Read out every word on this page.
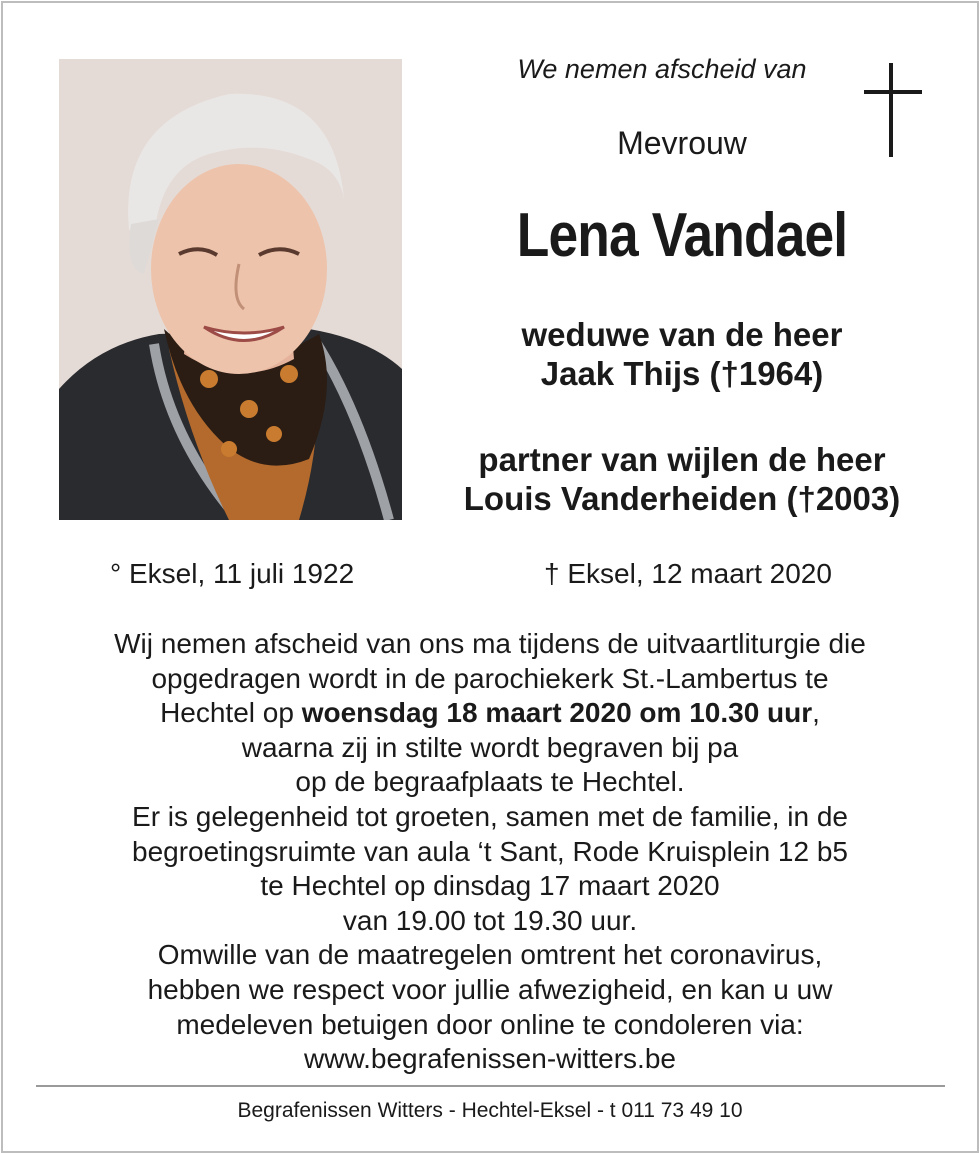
We nemen afscheid van
Mevrouw
Lena Vandael
weduwe van de heer
Jaak Thijs (†1964)
partner van wijlen de heer
Louis Vanderheiden (†2003)
° Eksel, 11 juli 1922	† Eksel, 12 maart 2020
Wij nemen afscheid van ons ma tijdens de uitvaartliturgie die
opgedragen wordt in de parochiekerk St.-Lambertus te
Hechtel op woensdag 18 maart 2020 om 10.30 uur,
waarna zij in stilte wordt begraven bij pa
op de begraafplaats te Hechtel.
Er is gelegenheid tot groeten, samen met de familie, in de
begroetingsruimte van aula ‘t Sant, Rode Kruisplein 12 b5
te Hechtel op dinsdag 17 maart 2020
van 19.00 tot 19.30 uur.
Omwille van de maatregelen omtrent het coronavirus,
hebben we respect voor jullie afwezigheid, en kan u uw
medeleven betuigen door online te condoleren via:
www.begrafenissen-witters.be
Begrafenissen Witters - Hechtel-Eksel - t 011 73 49 10
